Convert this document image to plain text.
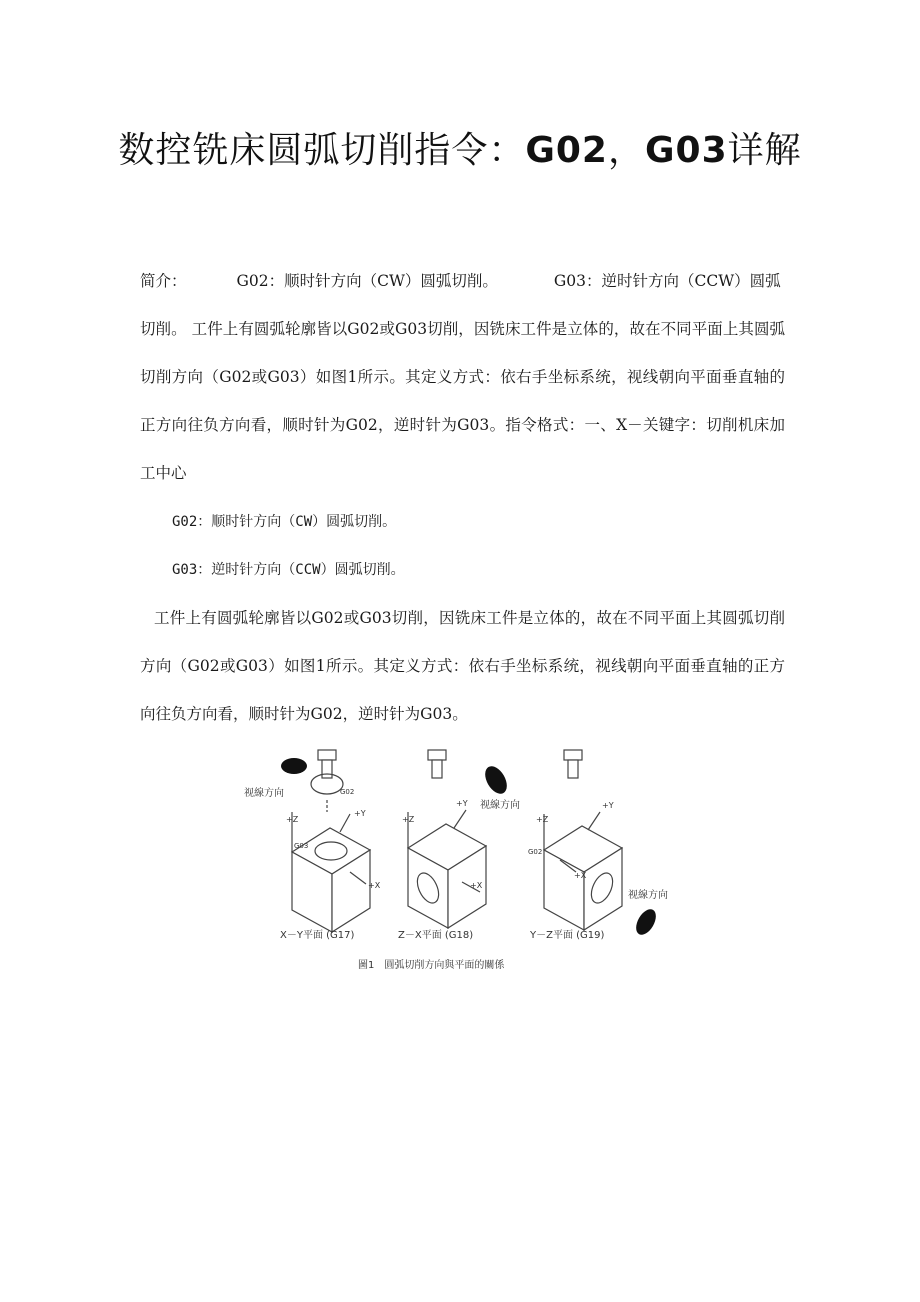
数控铣床圆弧切削指令：G02，G03详解

简介：	G02：顺时针方向（CW）圆弧切削。	G03：逆时针方向（CCW）圆弧
切削。 工件上有圆弧轮廓皆以G02或G03切削，因铣床工件是立体的，故在不同平面上其圆弧切削方向（G02或G03）如图1所示。其定义方式：依右手坐标系统，视线朝向平面垂直轴的正方向往负方向看，顺时针为G02，逆时针为G03。指令格式：一、X－关键字：切削机床加工中心

G02：顺时针方向（CW）圆弧切削。

G03：逆时针方向（CCW）圆弧切削。

工件上有圆弧轮廓皆以G02或G03切削，因铣床工件是立体的，故在不同平面上其圆弧切削方向（G02或G03）如图1所示。其定义方式：依右手坐标系统，视线朝向平面垂直轴的正方向往负方向看，顺时针为G02，逆时针为G03。

视線方向
+Z
+Y
+X
G02
G03
X－Y平面 (G17)
视線方向
+Z
+Y
+X
Z－X平面 (G18)
视線方向
+Z
+Y
+X
G02
Y－Z平面 (G19)
圖1　圓弧切削方向與平面的關係
